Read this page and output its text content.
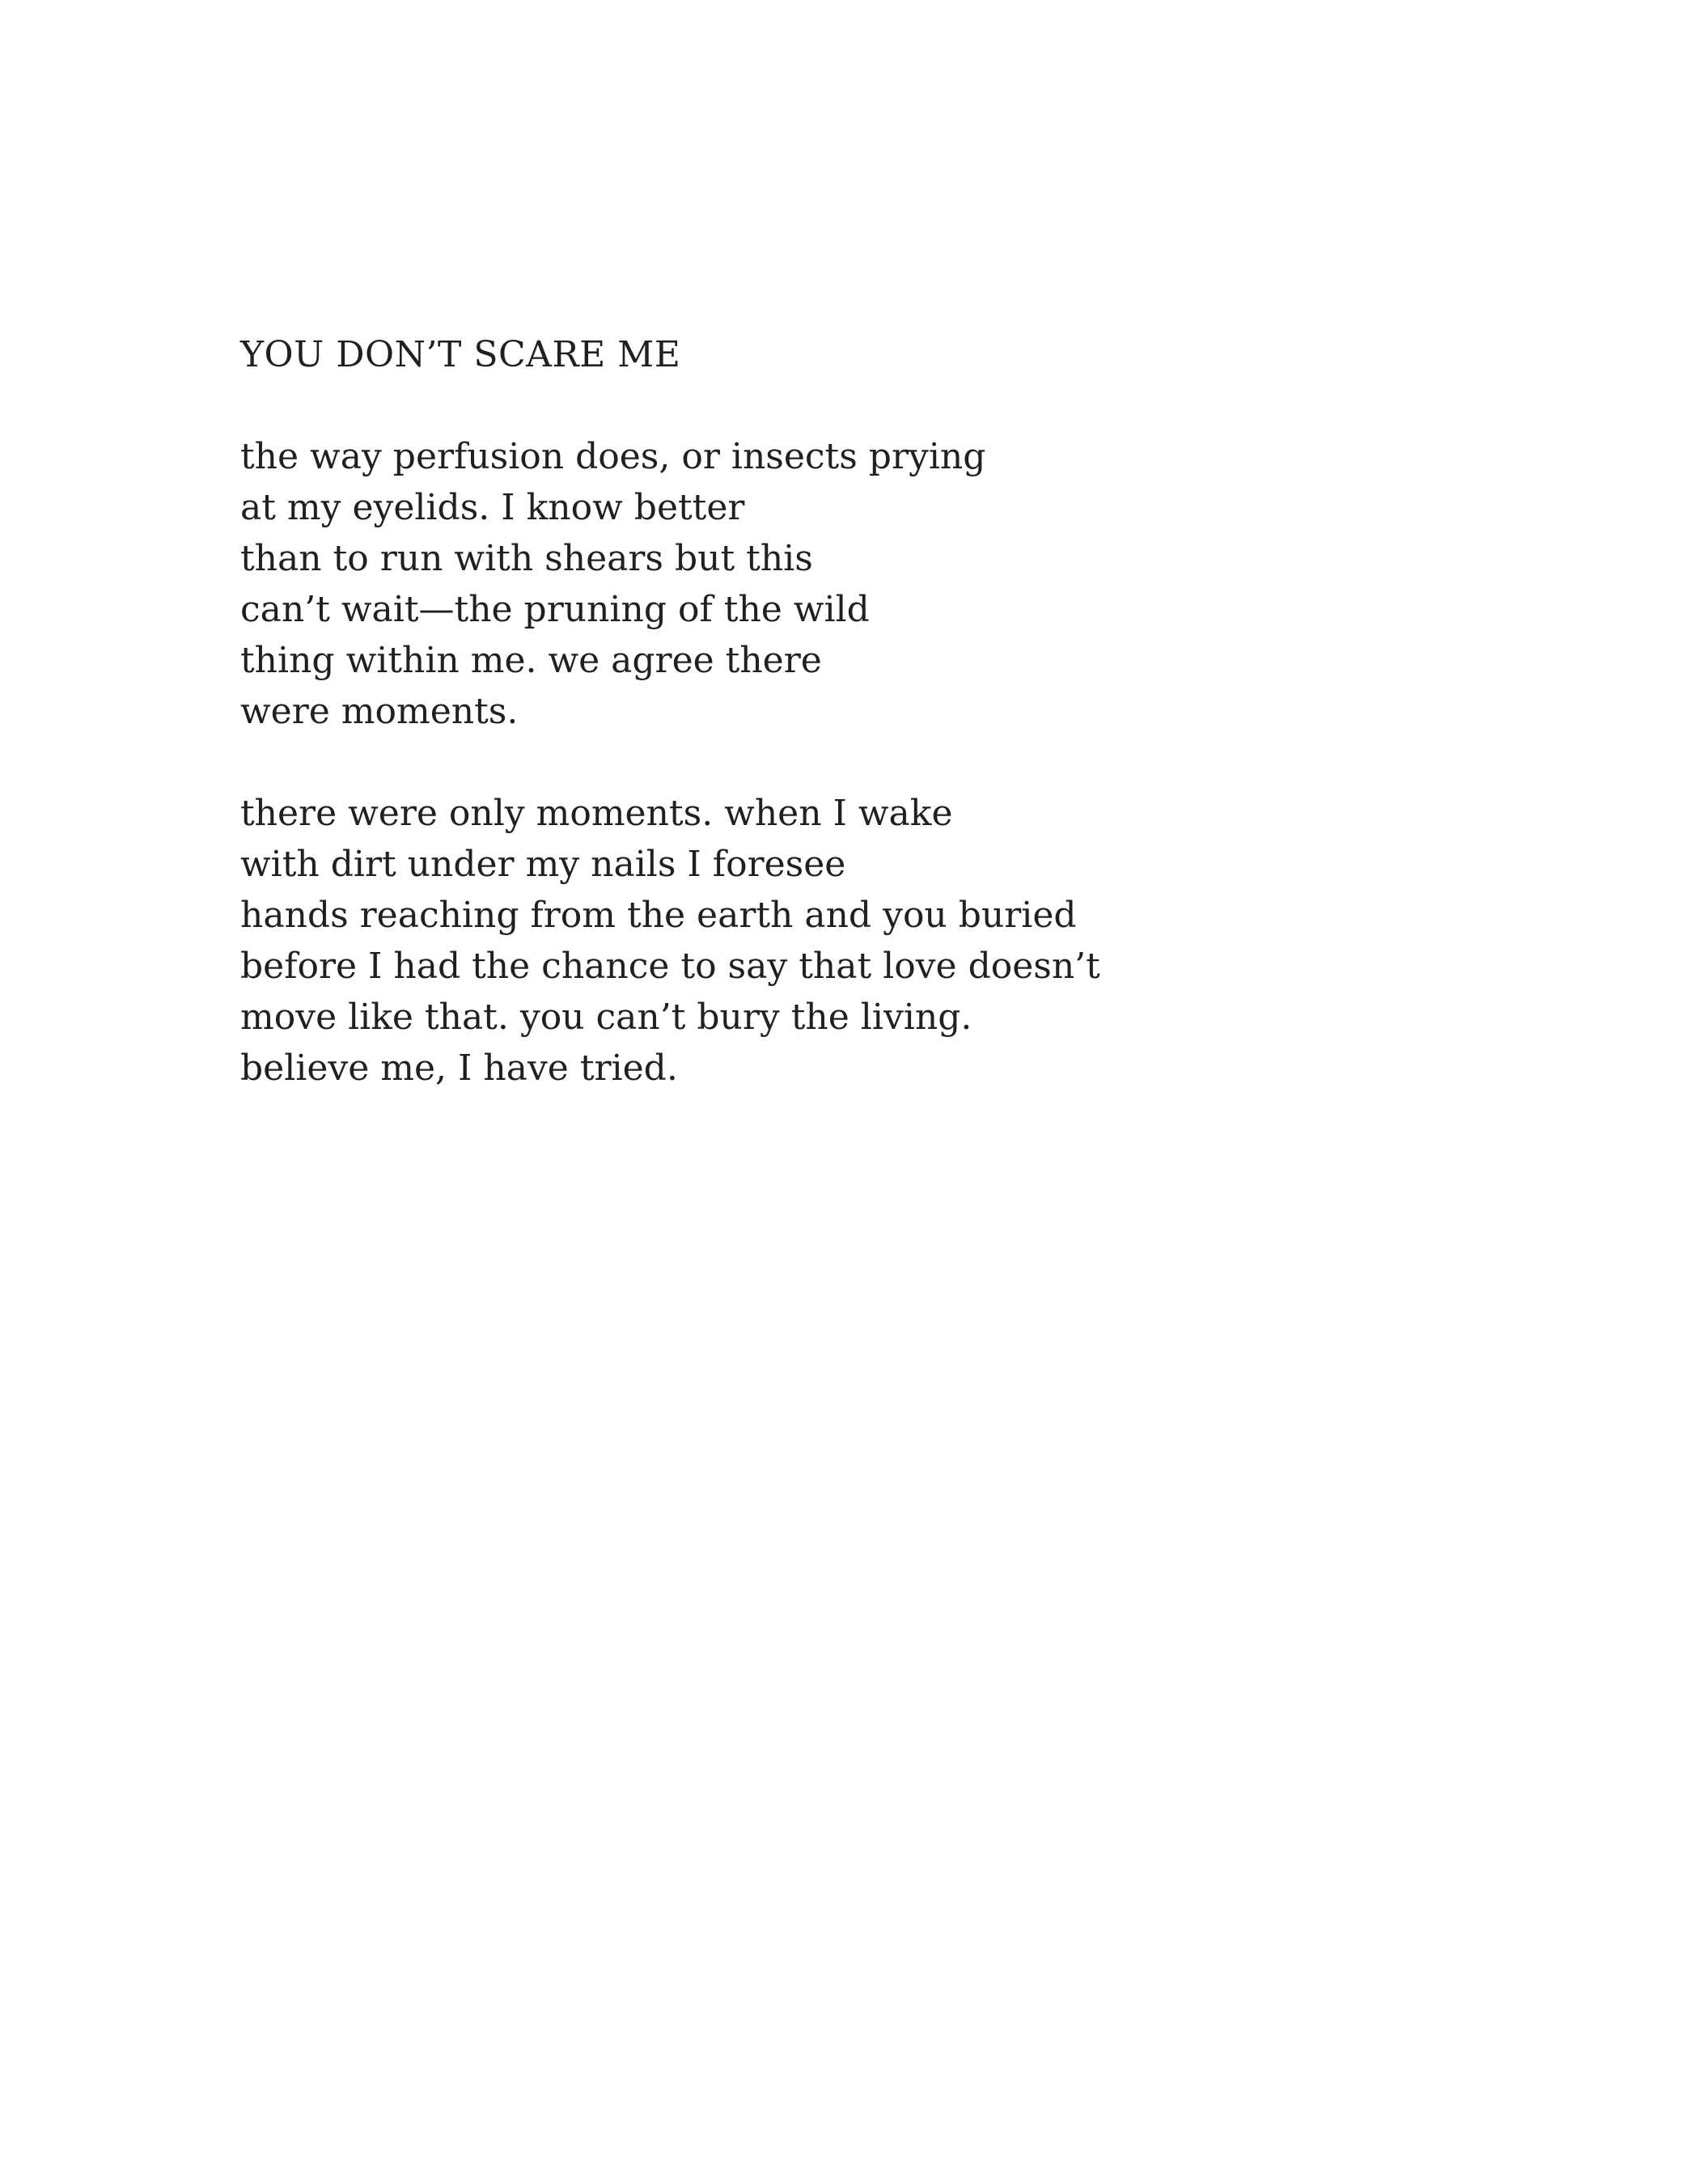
YOU DON’T SCARE ME
the way perfusion does, or insects prying
at my eyelids. I know better
than to run with shears but this
can’t wait—the pruning of the wild
thing within me. we agree there
were moments.
there were only moments. when I wake
with dirt under my nails I foresee
hands reaching from the earth and you buried
before I had the chance to say that love doesn’t
move like that. you can’t bury the living.
believe me, I have tried.
